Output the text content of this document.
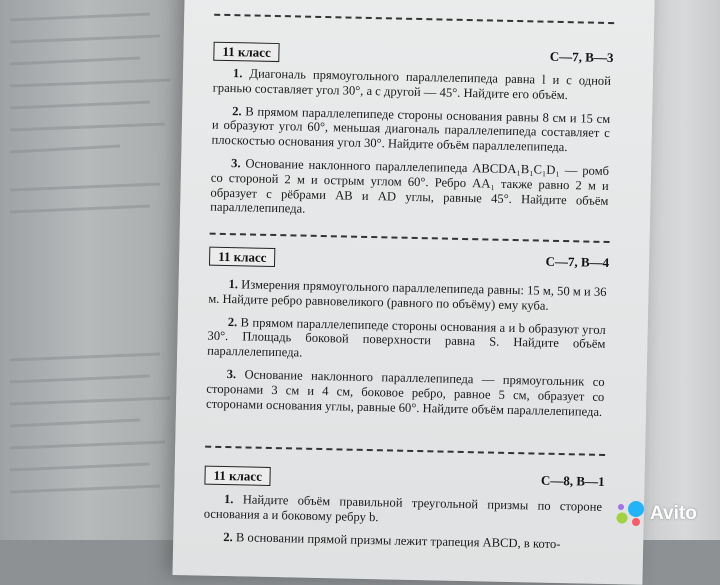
11 класс	С—7, В—3

1. Диагональ прямоугольного параллелепипеда равна l и с одной гранью составляет угол 30°, а с другой — 45°. Найдите его объём.

2. В прямом параллелепипеде стороны основания равны 8 см и 15 см и образуют угол 60°, меньшая диагональ параллелепипеда составляет с плоскостью основания угол 30°. Найдите объём параллелепипеда.

3. Основание наклонного параллелепипеда ABCDA₁B₁C₁D₁ — ромб со стороной 2 м и острым углом 60°. Ребро AA₁ также равно 2 м и образует с рёбрами AB и AD углы, равные 45°. Найдите объём параллелепипеда.

11 класс	С—7, В—4

1. Измерения прямоугольного параллелепипеда равны: 15 м, 50 м и 36 м. Найдите ребро равновеликого (равного по объёму) ему куба.

2. В прямом параллелепипеде стороны основания a и b образуют угол 30°. Площадь боковой поверхности равна S. Найдите объём параллелепипеда.

3. Основание наклонного параллелепипеда — прямоугольник со сторонами 3 см и 4 см, боковое ребро, равное 5 см, образует со сторонами основания углы, равные 60°. Найдите объём параллелепипеда.

11 класс	С—8, В—1

1. Найдите объём правильной треугольной призмы по стороне основания a и боковому ребру b.

2. В основании прямой призмы лежит трапеция ABCD, в кото-

Avito
